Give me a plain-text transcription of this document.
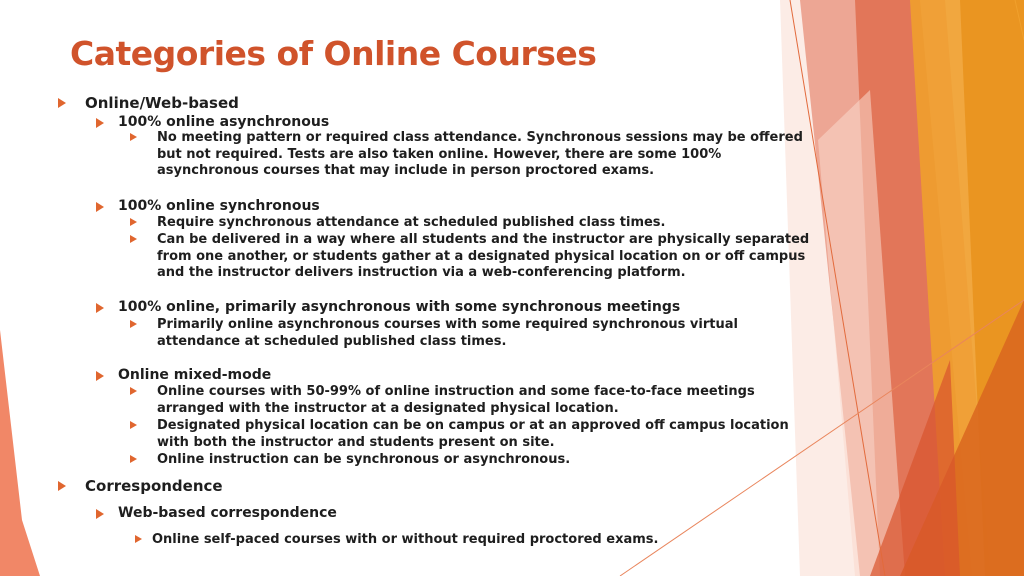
Categories of Online Courses
Online/Web-based
100% online asynchronous
No meeting pattern or required class attendance. Synchronous sessions may be offered
but not required. Tests are also taken online. However, there are some 100%
asynchronous courses that may include in person proctored exams.
100% online synchronous
Require synchronous attendance at scheduled published class times.
Can be delivered in a way where all students and the instructor are physically separated
from one another, or students gather at a designated physical location on or off campus
and the instructor delivers instruction via a web-conferencing platform.
100% online, primarily asynchronous with some synchronous meetings
Primarily online asynchronous courses with some required synchronous virtual
attendance at scheduled published class times.
Online mixed-mode
Online courses with 50-99% of online instruction and some face-to-face meetings
arranged with the instructor at a designated physical location.
Designated physical location can be on campus or at an approved off campus location
with both the instructor and students present on site.
Online instruction can be synchronous or asynchronous.
Correspondence
Web-based correspondence
Online self-paced courses with or without required proctored exams.
